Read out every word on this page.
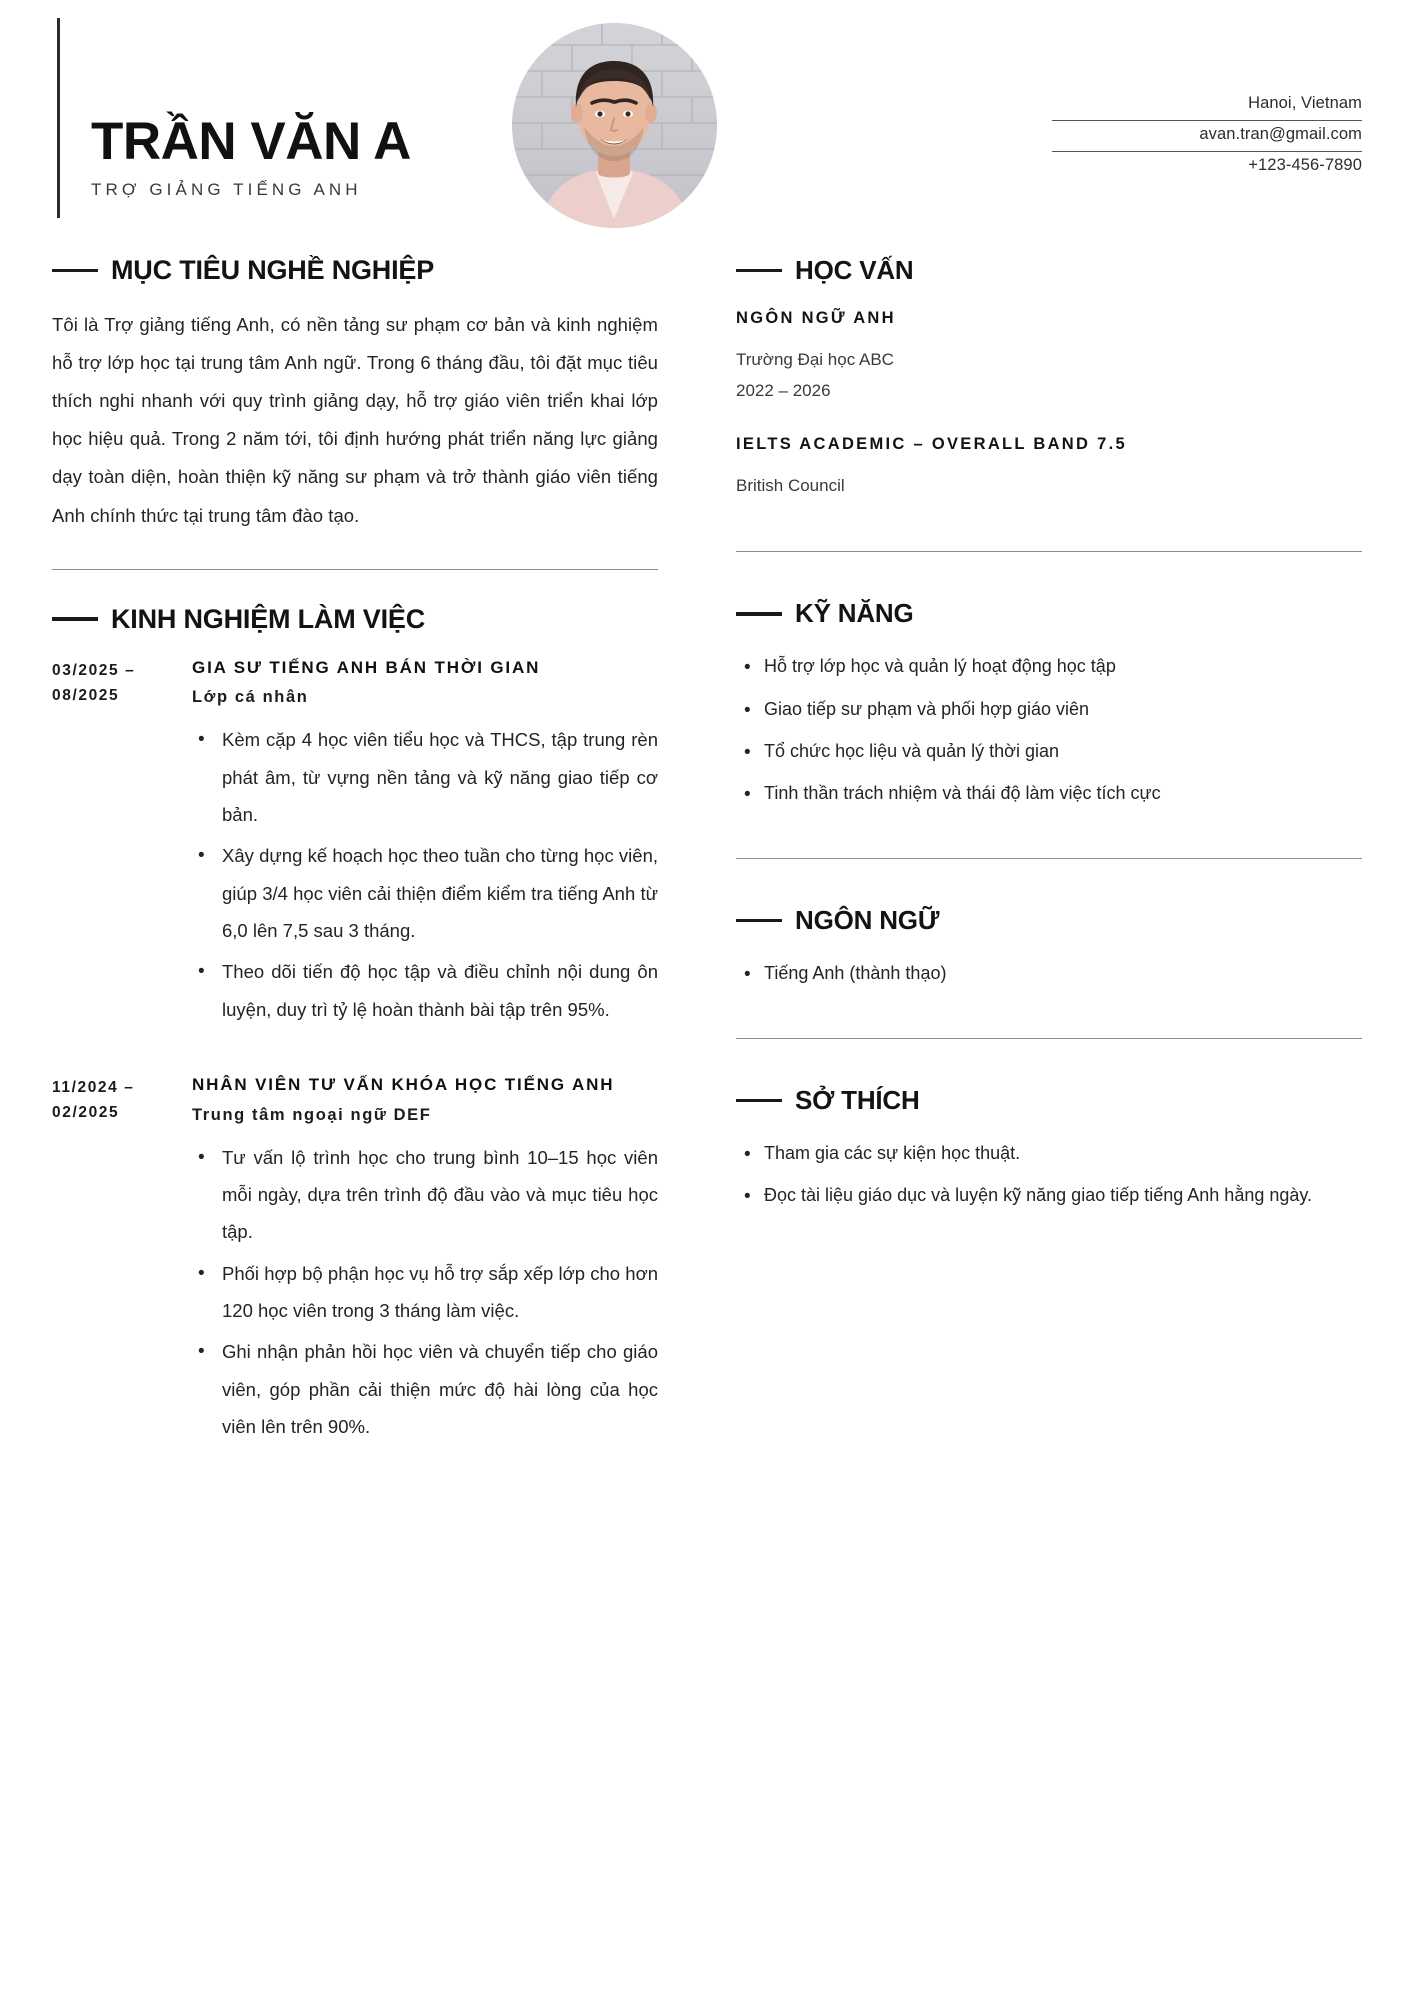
TRẦN VĂN A
TRỢ GIẢNG TIẾNG ANH
Hanoi, Vietnam
avan.tran@gmail.com
+123-456-7890
MỤC TIÊU NGHỀ NGHIỆP
Tôi là Trợ giảng tiếng Anh, có nền tảng sư phạm cơ bản và kinh nghiệm hỗ trợ lớp học tại trung tâm Anh ngữ. Trong 6 tháng đầu, tôi đặt mục tiêu thích nghi nhanh với quy trình giảng dạy, hỗ trợ giáo viên triển khai lớp học hiệu quả. Trong 2 năm tới, tôi định hướng phát triển năng lực giảng dạy toàn diện, hoàn thiện kỹ năng sư phạm và trở thành giáo viên tiếng Anh chính thức tại trung tâm đào tạo.
KINH NGHIỆM LÀM VIỆC
03/2025 – 08/2025
GIA SƯ TIẾNG ANH BÁN THỜI GIAN
Lớp cá nhân
• Kèm cặp 4 học viên tiểu học và THCS, tập trung rèn phát âm, từ vựng nền tảng và kỹ năng giao tiếp cơ bản.
• Xây dựng kế hoạch học theo tuần cho từng học viên, giúp 3/4 học viên cải thiện điểm kiểm tra tiếng Anh từ 6,0 lên 7,5 sau 3 tháng.
• Theo dõi tiến độ học tập và điều chỉnh nội dung ôn luyện, duy trì tỷ lệ hoàn thành bài tập trên 95%.
11/2024 – 02/2025
NHÂN VIÊN TƯ VẤN KHÓA HỌC TIẾNG ANH
Trung tâm ngoại ngữ DEF
• Tư vấn lộ trình học cho trung bình 10–15 học viên mỗi ngày, dựa trên trình độ đầu vào và mục tiêu học tập.
• Phối hợp bộ phận học vụ hỗ trợ sắp xếp lớp cho hơn 120 học viên trong 3 tháng làm việc.
• Ghi nhận phản hồi học viên và chuyển tiếp cho giáo viên, góp phần cải thiện mức độ hài lòng của học viên lên trên 90%.
HỌC VẤN
NGÔN NGỮ ANH
Trường Đại học ABC
2022 – 2026
IELTS ACADEMIC – OVERALL BAND 7.5
British Council
KỸ NĂNG
• Hỗ trợ lớp học và quản lý hoạt động học tập
• Giao tiếp sư phạm và phối hợp giáo viên
• Tổ chức học liệu và quản lý thời gian
• Tinh thần trách nhiệm và thái độ làm việc tích cực
NGÔN NGỮ
• Tiếng Anh (thành thạo)
SỞ THÍCH
• Tham gia các sự kiện học thuật.
• Đọc tài liệu giáo dục và luyện kỹ năng giao tiếp tiếng Anh hằng ngày.
